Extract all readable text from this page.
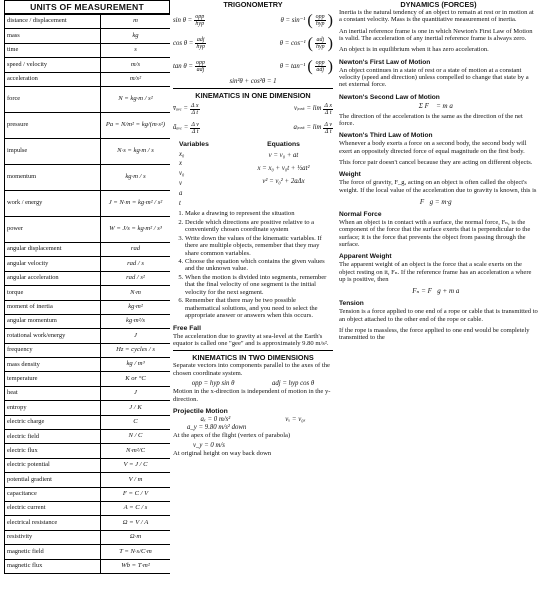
UNITS OF MEASUREMENT
distance / displacement	m
mass	kg
time	s
speed / velocity	m/s
acceleration	m/s²
force	N = kg·m / s²
pressure	Pa = N/m² = kg/(m·s²)
impulse	N·s = kg·m / s
momentum	kg·m / s
work / energy	J = N·m = kg·m² / s²
power	W = J/s = kg·m² / s³
angular displacement	rad
angular velocity	rad / s
angular acceleration	rad / s²
torque	N·m
moment of inertia	kg·m²
angular momentum	kg·m²/s
rotational work/energy	J
frequency	Hz = cycles / s
mass density	kg / m³
temperature	K or °C
heat	J
entropy	J / K
electric charge	C
electric field	N / C
electric flux	N·m²/C
electric potential	V = J / C
potential gradient	V / m
capacitance	F = C / V
electric current	A = C / s
electrical resistance	Ω = V / A
resistivity	Ω·m
magnetic field	T = N·s/C·m
magnetic flux	Wb = T·m²
TRIGONOMETRY
$\sin \theta = \frac{\text{opp}}{\text{hyp}}$	θ = sin⁻¹ ( $\frac{\text{opp}}{\text{hyp}}$ )
$\cos \theta = \frac{\text{adj}}{\text{hyp}}$	θ = cos⁻¹ ( $\frac{\text{adj}}{\text{hyp}}$ )
$\tan \theta = \frac{\text{opp}}{\text{adj}}$	θ = tan⁻¹ ( $\frac{\text{opp}}{\text{adj}}$ )
sin²θ + cos²θ = 1
KINEMATICS IN ONE DIMENSION
v̄ₐᵥₑ = $\frac{\text{Δ x}}{\text{Δ t}}$	vᵢₙₛₜ = $\lim \frac{\text{Δ x}}{\text{Δ t}}$
āₐᵥₑ = $\frac{\text{Δ v}}{\text{Δ t}}$	aᵢₙₛₜ = $\lim \frac{\text{Δ v}}{\text{Δ t}}$
Variables
x₀
x
v₀
v
a
t
Equations
v = v₀ + at
x = x₀ + v₀t + ½at²
v² = v₀² + 2aΔx
1. Make a drawing to represent the situation
2. Decide which directions are positive relative to a conveniently chosen coordinate system
3. Write down the values of the kinematic variables. If there are multiple objects, remember that they may share common variables.
4. Choose the equation which contains the given values and the unknown value.
5. When the motion is divided into segments, remember that the final velocity of one segment is the initial velocity for the next segment.
6. Remember that there may be two possible mathematical solutions, and you need to select the appropriate answer or answers when this occurs.
Free Fall
The acceleration due to gravity at sea-level at the Earth's equator is called one "gee" and is approximately 9.80 m/s².
KINEMATICS IN TWO DIMENSIONS
Separate vectors into components parallel to the axes of the chosen coordinate system.
opp = hyp sin θ	adj = hyp cos θ
Motion in the x-direction is independent of motion in the y-direction.
Projectile Motion
aₓ = 0 m/s²	vₓ = v₀ₓ
a_y = 9.80 m/s² down
At the apex of the flight (vertex of parabola)
v_y = 0 m/s
At original height on way back down
DYNAMICS (FORCES)
Inertia is the natural tendency of an object to remain at rest or in motion at a constant velocity. Mass is the quantitative measurement of inertia.
An inertial reference frame is one in which Newton's First Law of Motion is valid. The acceleration of any inertial reference frame is always zero.
An object is in equilibrium when it has zero acceleration.
Newton's First Law of Motion
An object continues in a state of rest or a state of motion at a constant velocity (speed and direction) unless compelled to change that state by a net external force.
Newton's Second Law of Motion
Σ F⃗ = m a⃗
The direction of the acceleration is the same as the direction of the net force.
Newton's Third Law of Motion
Whenever a body exerts a force on a second body, the second body will exert an oppositely directed force of equal magnitude on the first body.
This force pair doesn't cancel because they are acting on different objects.
Weight
The force of gravity, F_g, acting on an object is often called the object's weight. If the local value of the acceleration due to gravity is known, this is
F⃗g = m·g⃗
Normal Force
When an object is in contact with a surface, the normal force, Fₙ, is the component of the force that the surface exerts that is perpendicular to the surface; it is the force that prevents the object from passing through the surface.
Apparent Weight
The apparent weight of an object is the force that a scale exerts on the object resting on it, Fₙ. If the reference frame has an acceleration a where up is positive, then
Fₙ = F⃗g + m a⃗
Tension
Tension is a force applied to one end of a rope or cable that is transmitted to an object attached to the other end of the rope or cable.
If the rope is massless, the force applied to one end would be completely transmitted to the
